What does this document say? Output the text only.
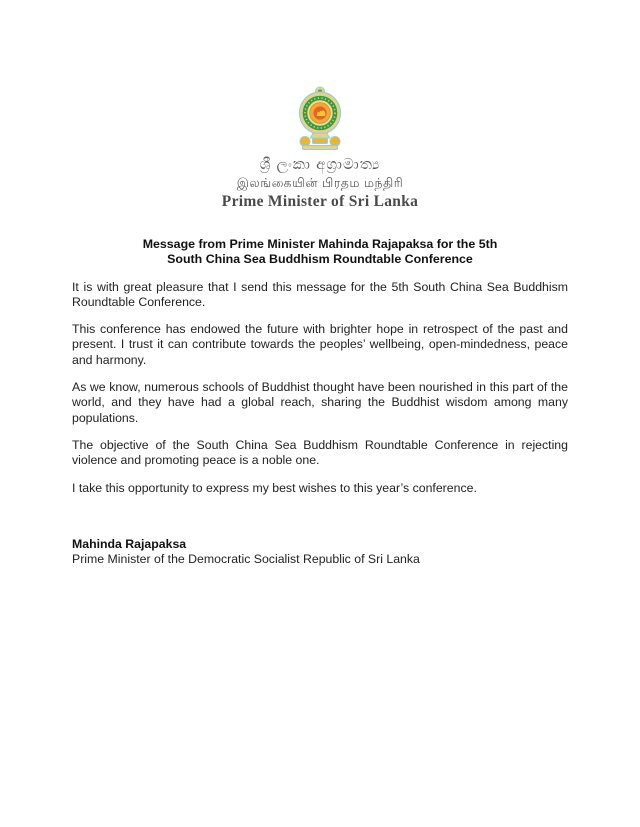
ශ්‍රී ලංකා අග්‍රාමාත්‍ය
இலங்கையின் பிரதம மந்திரி
Prime Minister of Sri Lanka
Message from Prime Minister Mahinda Rajapaksa for the 5th
South China Sea Buddhism Roundtable Conference

It is with great pleasure that I send this message for the 5th South China Sea Buddhism Roundtable Conference.

This conference has endowed the future with brighter hope in retrospect of the past and present. I trust it can contribute towards the peoples’ wellbeing, open-mindedness, peace and harmony.

As we know, numerous schools of Buddhist thought have been nourished in this part of the world, and they have had a global reach, sharing the Buddhist wisdom among many populations.

The objective of the South China Sea Buddhism Roundtable Conference in rejecting violence and promoting peace is a noble one.

I take this opportunity to express my best wishes to this year’s conference.

Mahinda Rajapaksa
Prime Minister of the Democratic Socialist Republic of Sri Lanka
